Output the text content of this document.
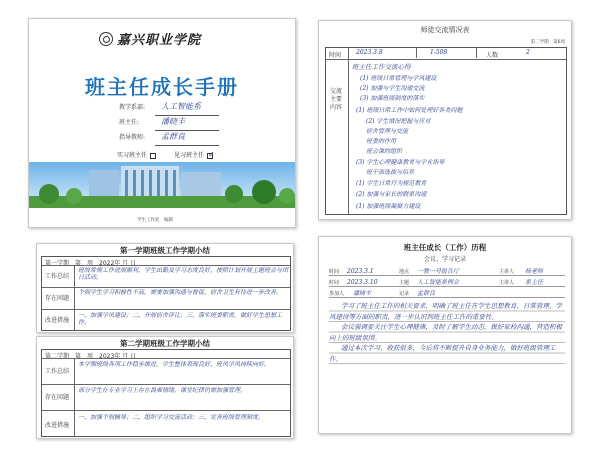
嘉兴职业学院
班主任成长手册
教学系部:	人工智能系
班主任:	潘晓丰
指导教师:	孟群良
实习班主任	见习班主任✓
学生工作处　编制
师徒交流情况表
第二学期　第6周
时间 2023.3.8	1-508	人数	2
交流主要内容
班主任工作交流心得
(1) 班级日常管理与学风建设
(2) 加强与学生沟通交流
(3) 加强班级制度的落实
(1) 班级日常工作中如何处理好各类问题
(2) 学生情况把握与应对
宿舍管理与交流
班委的作用
班会课的组织
(3) 学生心理健康教育与学业指导
班干部选拔与培养
(1) 学生日常行为规范教育
(2) 加强与家长的联系沟通
(1) 加强班级凝聚力建设
第一学期班级工作学期小结
第一学期　第　周　2022年 月 日
工作总结
班级常规工作进展顺利，学生出勤及学习态度良好，按照计划开展主题班会与团日活动。
存在问题
个别学生学习积极性不高，需要加强沟通与督促，宿舍卫生有待进一步改善。
改进措施
一、加强学风建设；二、开展宿舍评比；三、落实班委职责，做好学生思想工作。
第二学期班级工作学期小结
第二学期　第　周　2023年 月 日
工作总结
本学期班级各项工作稳步推进，学生整体表现良好，班风学风持续向好。
存在问题
部分学生在专业学习上存在畏难情绪，课堂纪律仍需加强管理。
改进措施
一、加强个别辅导；二、组织学习交流活动；三、完善班级管理制度。
班主任成长（工作）历程
会议、学习记录
时间	2023.3.1	地点	一教一号报告厅	主讲人	杨老师
时间	2023.3.10	主题	人工智能系例会	主讲人	系主任
参加人	潘晓丰	记录	孟群良

学习了班主任工作的相关要求，明确了班主任在学生思想教育、日常管理、学风建设等方面的职责，进一步认识到班主任工作的重要性。

会议强调要关注学生心理健康，及时了解学生动态，做好家校沟通，营造积极向上的班级氛围。

通过本次学习，收获很多，今后将不断提升自身业务能力，做好班级管理工作。
